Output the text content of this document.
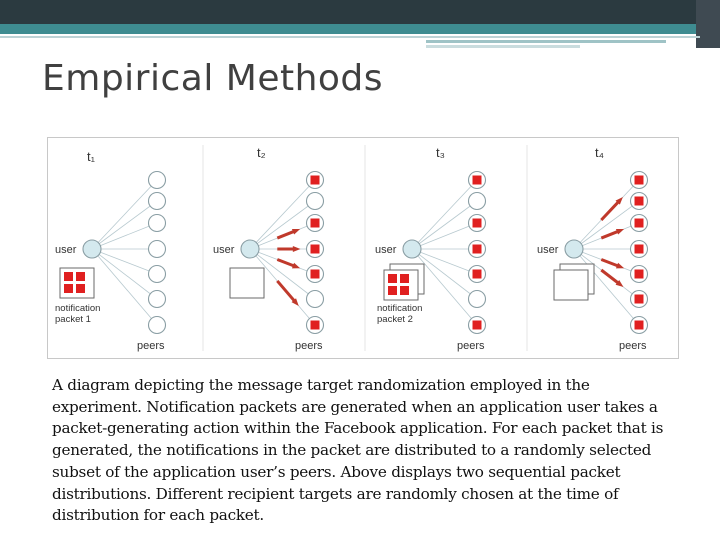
Empirical Methods
t₁
user
peers
notification
packet 1
t₂
user
peers
t₃
user
peers
notification
packet 2
t₄
user
peers

A diagram depicting the message target randomization employed in the experiment. Notification packets are generated when an application user takes a packet-generating action within the Facebook application. For each packet that is generated, the notifications in the packet are distributed to a randomly selected subset of the application user’s peers. Above displays two sequential packet distributions. Different recipient targets are randomly chosen at the time of distribution for each packet.
